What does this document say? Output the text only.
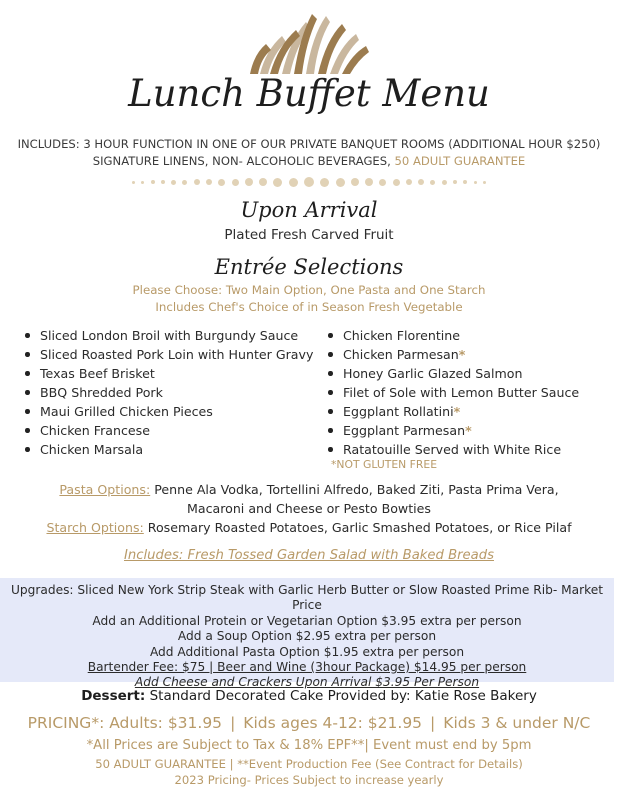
Lunch Buffet Menu
INCLUDES: 3 HOUR FUNCTION IN ONE OF OUR PRIVATE BANQUET ROOMS (ADDITIONAL HOUR $250)
SIGNATURE LINENS, NON- ALCOHOLIC BEVERAGES, 50 ADULT GUARANTEE
Upon Arrival
Plated Fresh Carved Fruit
Entrée Selections
Please Choose: Two Main Option, One Pasta and One Starch
Includes Chef's Choice of in Season Fresh Vegetable
Sliced London Broil with Burgundy Sauce
Sliced Roasted Pork Loin with Hunter Gravy
Texas Beef Brisket
BBQ Shredded Pork
Maui Grilled Chicken Pieces
Chicken Francese
Chicken Marsala
Chicken Florentine
Chicken Parmesan*
Honey Garlic Glazed Salmon
Filet of Sole with Lemon Butter Sauce
Eggplant Rollatini*
Eggplant Parmesan*
Ratatouille Served with White Rice
*NOT GLUTEN FREE
Pasta Options: Penne Ala Vodka, Tortellini Alfredo, Baked Ziti, Pasta Prima Vera,
Macaroni and Cheese or Pesto Bowties
Starch Options: Rosemary Roasted Potatoes, Garlic Smashed Potatoes, or Rice Pilaf
Includes: Fresh Tossed Garden Salad with Baked Breads
Upgrades: Sliced New York Strip Steak with Garlic Herb Butter or Slow Roasted Prime Rib- Market Price
Add an Additional Protein or Vegetarian Option $3.95 extra per person
Add a Soup Option $2.95 extra per person
Add Additional Pasta Option $1.95 extra per person
Bartender Fee: $75 | Beer and Wine (3hour Package) $14.95 per person
Add Cheese and Crackers Upon Arrival $3.95 Per Person
Dessert: Standard Decorated Cake Provided by: Katie Rose Bakery
PRICING*: Adults: $31.95 | Kids ages 4-12: $21.95 | Kids 3 & under N/C
*All Prices are Subject to Tax & 18% EPF**| Event must end by 5pm
50 ADULT GUARANTEE | **Event Production Fee (See Contract for Details)
2023 Pricing- Prices Subject to increase yearly
